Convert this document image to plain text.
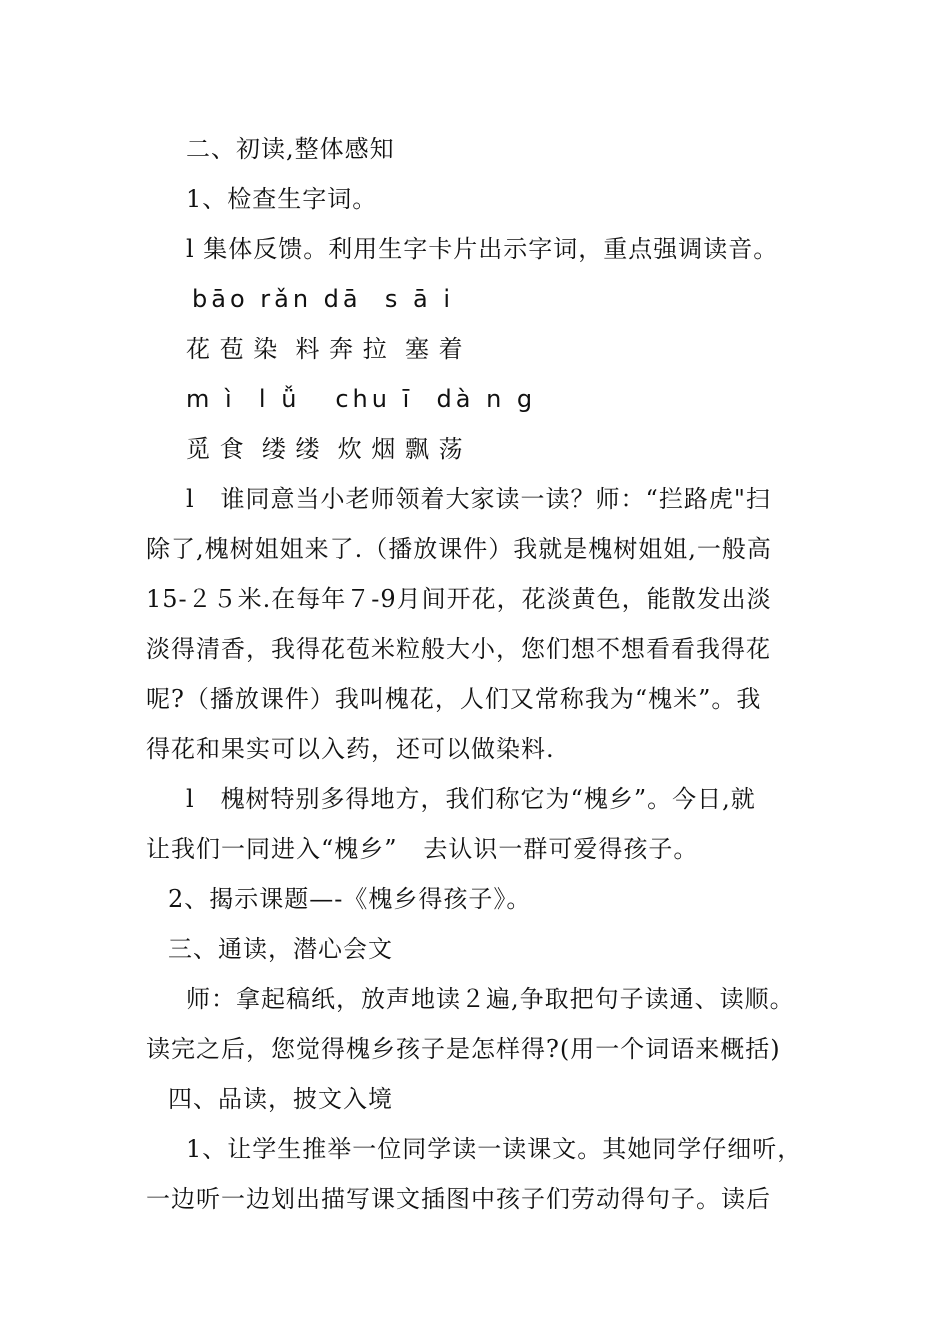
二、初读,整体感知
1、检查生字词。
l 集体反馈。利用生字卡片出示字词，重点强调读音。
bāo rǎn dā  s ā i
花 苞 染  料 奔 拉  塞 着
m ì  l ǚ   chu ī  dà n g
觅 食  缕 缕  炊 烟 飘 荡
l   谁同意当小老师领着大家读一读？师：“拦路虎"扫
除了,槐树姐姐来了.（播放课件）我就是槐树姐姐,一般高
15-２５米.在每年７-9月间开花，花淡黄色，能散发出淡
淡得清香，我得花苞米粒般大小，您们想不想看看我得花
呢?（播放课件）我叫槐花，人们又常称我为“槐米”。我
得花和果实可以入药，还可以做染料.
l   槐树特别多得地方，我们称它为“槐乡”。今日,就
让我们一同进入“槐乡”   去认识一群可爱得孩子。
2、揭示课题—-《槐乡得孩子》。
三、通读，潜心会文
师：拿起稿纸，放声地读２遍,争取把句子读通、读顺。
读完之后，您觉得槐乡孩子是怎样得?(用一个词语来概括)
四、品读，披文入境
1、让学生推举一位同学读一读课文。其她同学仔细听，
一边听一边划出描写课文插图中孩子们劳动得句子。读后
